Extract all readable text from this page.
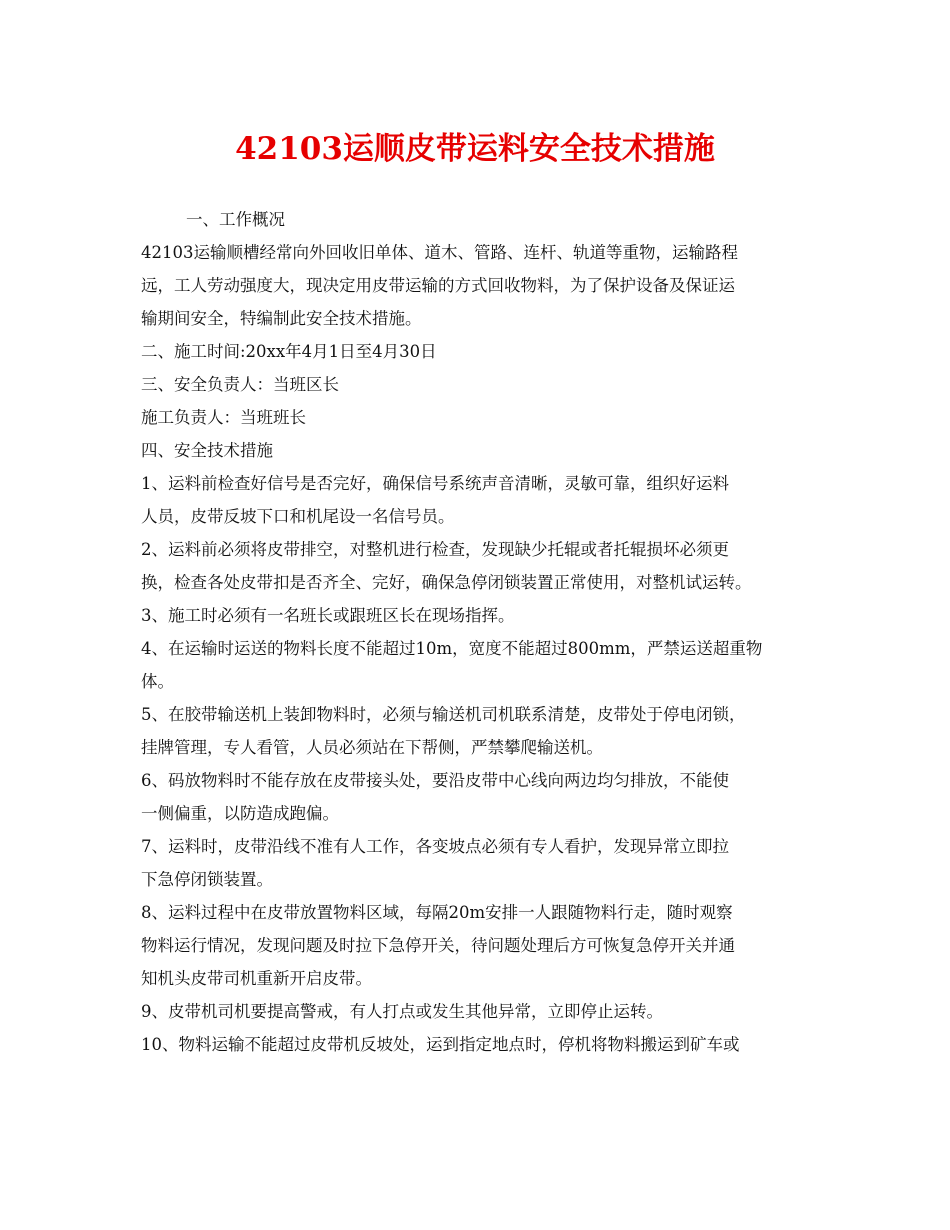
42103运顺皮带运料安全技术措施
一、工作概况
42103运输顺槽经常向外回收旧单体、道木、管路、连杆、轨道等重物，运输路程
远，工人劳动强度大，现决定用皮带运输的方式回收物料，为了保护设备及保证运
输期间安全，特编制此安全技术措施。
二、施工时间:20xx年4月1日至4月30日
三、安全负责人：当班区长
施工负责人：当班班长
四、安全技术措施
1、运料前检查好信号是否完好，确保信号系统声音清晰，灵敏可靠，组织好运料
人员，皮带反坡下口和机尾设一名信号员。
2、运料前必须将皮带排空，对整机进行检查，发现缺少托辊或者托辊损坏必须更
换，检查各处皮带扣是否齐全、完好，确保急停闭锁装置正常使用，对整机试运转。
3、施工时必须有一名班长或跟班区长在现场指挥。
4、在运输时运送的物料长度不能超过10m，宽度不能超过800mm，严禁运送超重物
体。
5、在胶带输送机上装卸物料时，必须与输送机司机联系清楚，皮带处于停电闭锁，
挂牌管理，专人看管，人员必须站在下帮侧，严禁攀爬输送机。
6、码放物料时不能存放在皮带接头处，要沿皮带中心线向两边均匀排放，不能使
一侧偏重，以防造成跑偏。
7、运料时，皮带沿线不准有人工作，各变坡点必须有专人看护，发现异常立即拉
下急停闭锁装置。
8、运料过程中在皮带放置物料区域，每隔20m安排一人跟随物料行走，随时观察
物料运行情况，发现问题及时拉下急停开关，待问题处理后方可恢复急停开关并通
知机头皮带司机重新开启皮带。
9、皮带机司机要提高警戒，有人打点或发生其他异常，立即停止运转。
10、物料运输不能超过皮带机反坡处，运到指定地点时，停机将物料搬运到矿车或
